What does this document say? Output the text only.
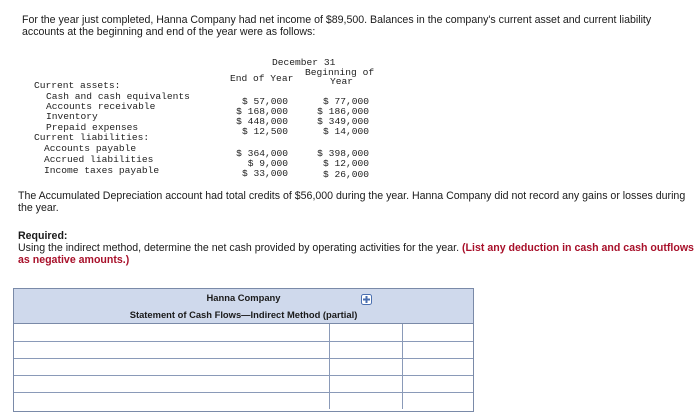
For the year just completed, Hanna Company had net income of $89,500. Balances in the company's current asset and current liability accounts at the beginning and end of the year were as follows:

December 31
End of Year
Beginning of
Year
Current assets:
Cash and cash equivalents	$ 57,000	$ 77,000
Accounts receivable	$ 168,000	$ 186,000
Inventory	$ 448,000	$ 349,000
Prepaid expenses	$ 12,500	$ 14,000
Current liabilities:
Accounts payable	$ 364,000	$ 398,000
Accrued liabilities	$ 9,000	$ 12,000
Income taxes payable	$ 33,000	$ 26,000

The Accumulated Depreciation account had total credits of $56,000 during the year. Hanna Company did not record any gains or losses during the year.

Required:

Using the indirect method, determine the net cash provided by operating activities for the year. (List any deduction in cash and cash outflows as negative amounts.)

Hanna Company
Statement of Cash Flows—Indirect Method (partial)
